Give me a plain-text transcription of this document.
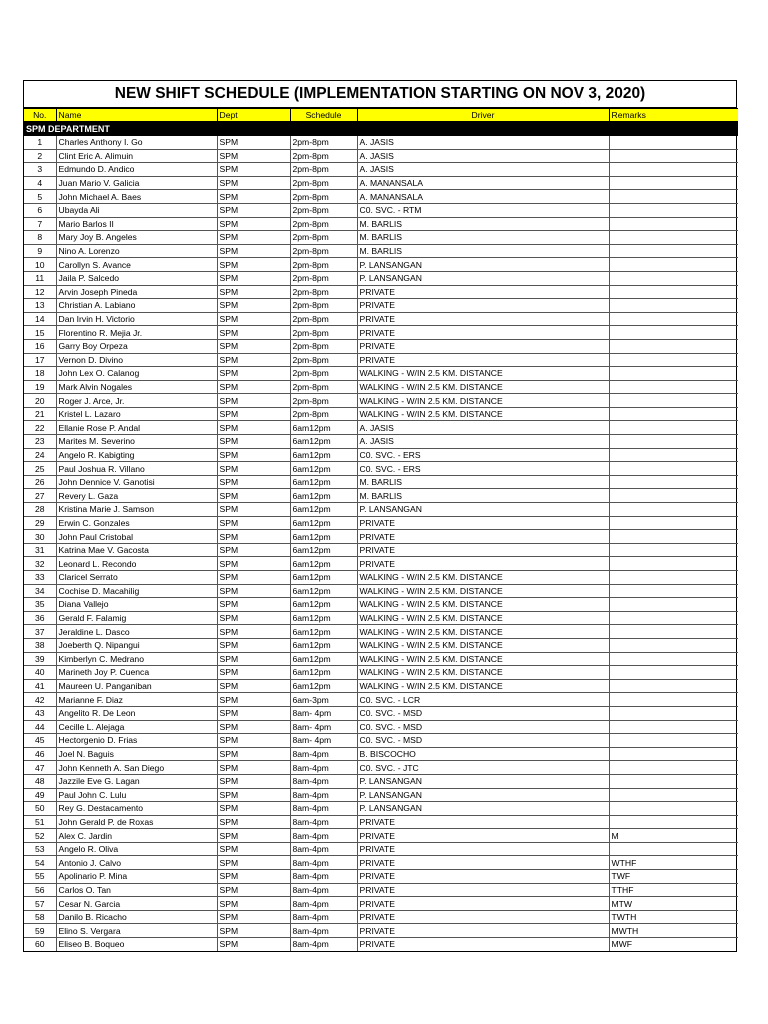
NEW SHIFT SCHEDULE (IMPLEMENTATION STARTING ON NOV 3, 2020)
No.	Name	Dept	Schedule	Driver	Remarks
SPM DEPARTMENT					
1	Charles Anthony I. Go	SPM	2pm-8pm	A. JASIS	
2	Clint Eric A. Alimuin	SPM	2pm-8pm	A. JASIS	
3	Edmundo D. Andico	SPM	2pm-8pm	A. JASIS	
4	Juan Mario V. Galicia	SPM	2pm-8pm	A. MANANSALA	
5	John Michael A. Baes	SPM	2pm-8pm	A. MANANSALA	
6	Ubayda Ali	SPM	2pm-8pm	C0. SVC. - RTM	
7	Mario Barlos II	SPM	2pm-8pm	M. BARLIS	
8	Mary Joy B. Angeles	SPM	2pm-8pm	M. BARLIS	
9	Nino A. Lorenzo	SPM	2pm-8pm	M. BARLIS	
10	Carollyn S. Avance	SPM	2pm-8pm	P. LANSANGAN	
11	Jaila P. Salcedo	SPM	2pm-8pm	P. LANSANGAN	
12	Arvin Joseph Pineda	SPM	2pm-8pm	PRIVATE	
13	Christian A. Labiano	SPM	2pm-8pm	PRIVATE	
14	Dan Irvin H. Victorio	SPM	2pm-8pm	PRIVATE	
15	Florentino R. Mejia Jr.	SPM	2pm-8pm	PRIVATE	
16	Garry Boy Orpeza	SPM	2pm-8pm	PRIVATE	
17	Vernon D. Divino	SPM	2pm-8pm	PRIVATE	
18	John Lex O. Calanog	SPM	2pm-8pm	WALKING - W/IN 2.5 KM. DISTANCE	
19	Mark Alvin Nogales	SPM	2pm-8pm	WALKING - W/IN 2.5 KM. DISTANCE	
20	Roger J. Arce, Jr.	SPM	2pm-8pm	WALKING - W/IN 2.5 KM. DISTANCE	
21	Kristel L. Lazaro	SPM	2pm-8pm	WALKING - W/IN 2.5 KM. DISTANCE	
22	Ellanie Rose P. Andal	SPM	6am12pm	A. JASIS	
23	Marites M. Severino	SPM	6am12pm	A. JASIS	
24	Angelo R. Kabigting	SPM	6am12pm	C0. SVC. - ERS	
25	Paul Joshua R. Villano	SPM	6am12pm	C0. SVC. - ERS	
26	John Dennice V. Ganotisi	SPM	6am12pm	M. BARLIS	
27	Revery L. Gaza	SPM	6am12pm	M. BARLIS	
28	Kristina Marie J. Samson	SPM	6am12pm	P. LANSANGAN	
29	Erwin C. Gonzales	SPM	6am12pm	PRIVATE	
30	John Paul Cristobal	SPM	6am12pm	PRIVATE	
31	Katrina Mae V. Gacosta	SPM	6am12pm	PRIVATE	
32	Leonard L. Recondo	SPM	6am12pm	PRIVATE	
33	Claricel Serrato	SPM	6am12pm	WALKING - W/IN 2.5 KM. DISTANCE	
34	Cochise D. Macahilig	SPM	6am12pm	WALKING - W/IN 2.5 KM. DISTANCE	
35	Diana Vallejo	SPM	6am12pm	WALKING - W/IN 2.5 KM. DISTANCE	
36	Gerald F. Falamig	SPM	6am12pm	WALKING - W/IN 2.5 KM. DISTANCE	
37	Jeraldine L. Dasco	SPM	6am12pm	WALKING - W/IN 2.5 KM. DISTANCE	
38	Joeberth Q. Nipangui	SPM	6am12pm	WALKING - W/IN 2.5 KM. DISTANCE	
39	Kimberlyn C. Medrano	SPM	6am12pm	WALKING - W/IN 2.5 KM. DISTANCE	
40	Marineth Joy P. Cuenca	SPM	6am12pm	WALKING - W/IN 2.5 KM. DISTANCE	
41	Maureen U. Panganiban	SPM	6am12pm	WALKING - W/IN 2.5 KM. DISTANCE	
42	Marianne F. Diaz	SPM	6am-3pm	C0. SVC. - LCR	
43	Angelito R. De Leon	SPM	8am- 4pm	C0. SVC. - MSD	
44	Cecille L. Alejaga	SPM	8am- 4pm	C0. SVC. - MSD	
45	Hectorgenio D. Frias	SPM	8am- 4pm	C0. SVC. - MSD	
46	Joel N. Baguis	SPM	8am-4pm	B. BISCOCHO	
47	John Kenneth A. San Diego	SPM	8am-4pm	C0. SVC. - JTC	
48	Jazzile Eve G. Lagan	SPM	8am-4pm	P. LANSANGAN	
49	Paul John C. Lulu	SPM	8am-4pm	P. LANSANGAN	
50	Rey G. Destacamento	SPM	8am-4pm	P. LANSANGAN	
51	John Gerald P. de Roxas	SPM	8am-4pm	PRIVATE	
52	Alex C. Jardin	SPM	8am-4pm	PRIVATE	M
53	Angelo R. Oliva	SPM	8am-4pm	PRIVATE	
54	Antonio J. Calvo	SPM	8am-4pm	PRIVATE	WTHF
55	Apolinario P. Mina	SPM	8am-4pm	PRIVATE	TWF
56	Carlos O. Tan	SPM	8am-4pm	PRIVATE	TTHF
57	Cesar N. Garcia	SPM	8am-4pm	PRIVATE	MTW
58	Danilo B. Ricacho	SPM	8am-4pm	PRIVATE	TWTH
59	Elino S. Vergara	SPM	8am-4pm	PRIVATE	MWTH
60	Eliseo B. Boqueo	SPM	8am-4pm	PRIVATE	MWF
